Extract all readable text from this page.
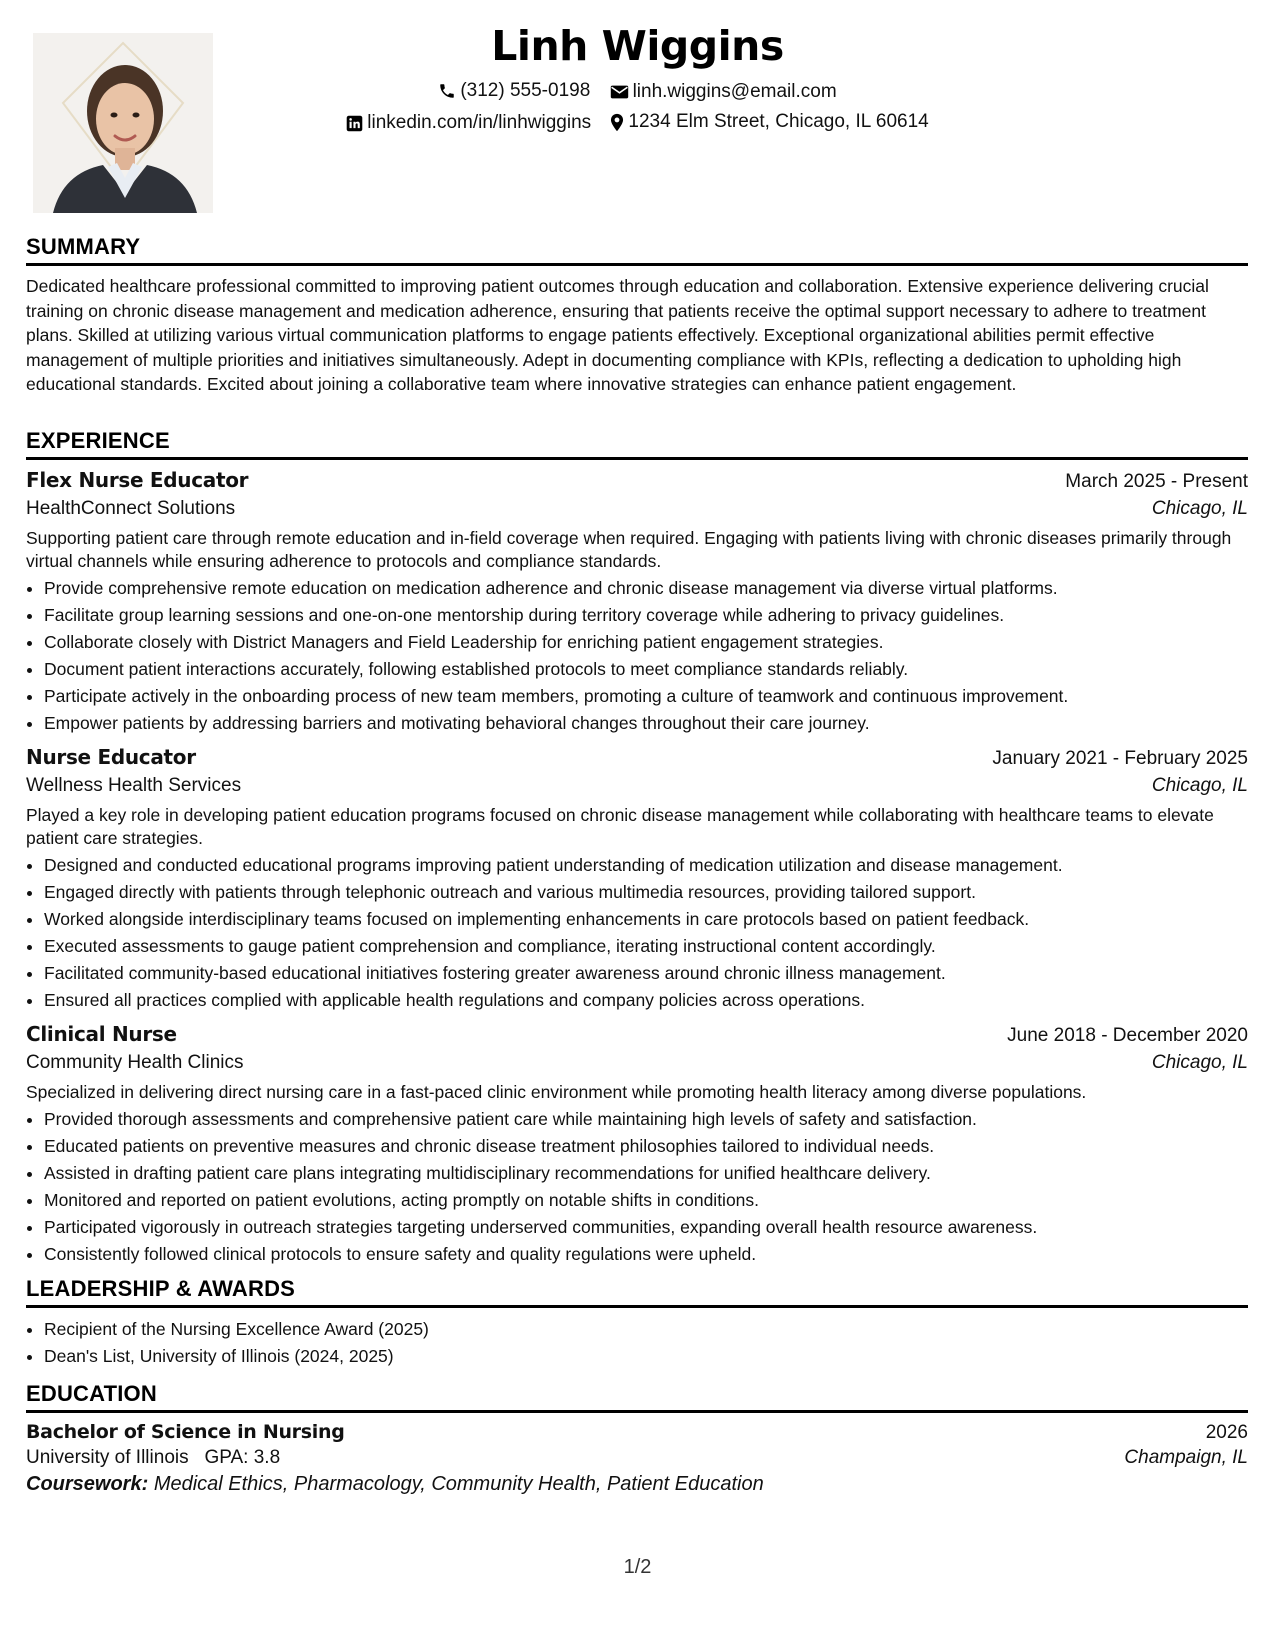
Linh Wiggins
(312) 555-0198
linh.wiggins@email.com
linkedin.com/in/linhwiggins
1234 Elm Street, Chicago, IL 60614
SUMMARY

Dedicated healthcare professional committed to improving patient outcomes through education and collaboration. Extensive experience delivering crucial training on chronic disease management and medication adherence, ensuring that patients receive the optimal support necessary to adhere to treatment plans. Skilled at utilizing various virtual communication platforms to engage patients effectively. Exceptional organizational abilities permit effective management of multiple priorities and initiatives simultaneously. Adept in documenting compliance with KPIs, reflecting a dedication to upholding high educational standards. Excited about joining a collaborative team where innovative strategies can enhance patient engagement.

EXPERIENCE
Flex Nurse Educator	March 2025 - Present
HealthConnect Solutions	Chicago, IL
Supporting patient care through remote education and in-field coverage when required. Engaging with patients living with chronic diseases primarily through virtual channels while ensuring adherence to protocols and compliance standards.
• Provide comprehensive remote education on medication adherence and chronic disease management via diverse virtual platforms.
• Facilitate group learning sessions and one-on-one mentorship during territory coverage while adhering to privacy guidelines.
• Collaborate closely with District Managers and Field Leadership for enriching patient engagement strategies.
• Document patient interactions accurately, following established protocols to meet compliance standards reliably.
• Participate actively in the onboarding process of new team members, promoting a culture of teamwork and continuous improvement.
• Empower patients by addressing barriers and motivating behavioral changes throughout their care journey.
Nurse Educator	January 2021 - February 2025
Wellness Health Services	Chicago, IL
Played a key role in developing patient education programs focused on chronic disease management while collaborating with healthcare teams to elevate patient care strategies.
• Designed and conducted educational programs improving patient understanding of medication utilization and disease management.
• Engaged directly with patients through telephonic outreach and various multimedia resources, providing tailored support.
• Worked alongside interdisciplinary teams focused on implementing enhancements in care protocols based on patient feedback.
• Executed assessments to gauge patient comprehension and compliance, iterating instructional content accordingly.
• Facilitated community-based educational initiatives fostering greater awareness around chronic illness management.
• Ensured all practices complied with applicable health regulations and company policies across operations.
Clinical Nurse	June 2018 - December 2020
Community Health Clinics	Chicago, IL
Specialized in delivering direct nursing care in a fast-paced clinic environment while promoting health literacy among diverse populations.
• Provided thorough assessments and comprehensive patient care while maintaining high levels of safety and satisfaction.
• Educated patients on preventive measures and chronic disease treatment philosophies tailored to individual needs.
• Assisted in drafting patient care plans integrating multidisciplinary recommendations for unified healthcare delivery.
• Monitored and reported on patient evolutions, acting promptly on notable shifts in conditions.
• Participated vigorously in outreach strategies targeting underserved communities, expanding overall health resource awareness.
• Consistently followed clinical protocols to ensure safety and quality regulations were upheld.
LEADERSHIP & AWARDS
• Recipient of the Nursing Excellence Award (2025)
• Dean's List, University of Illinois (2024, 2025)
EDUCATION
Bachelor of Science in Nursing	2026
University of Illinois GPA: 3.8	Champaign, IL
Coursework: Medical Ethics, Pharmacology, Community Health, Patient Education
1/2
